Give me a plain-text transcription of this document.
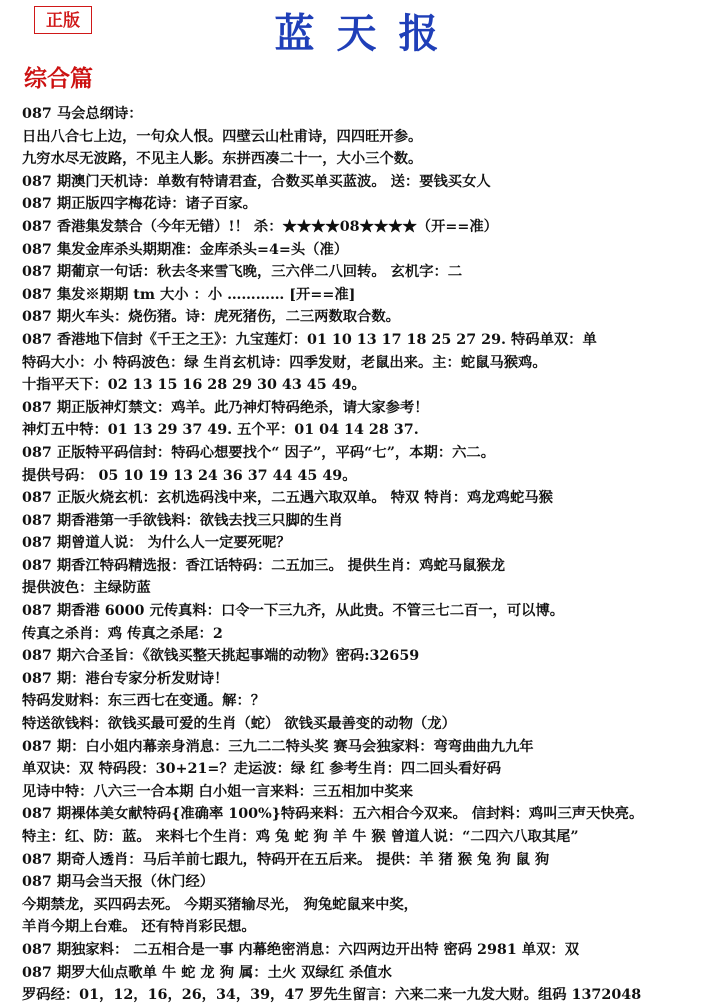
正版	蓝天报
综合篇
087 马会总纲诗：
日出八合七上边，一句众人恨。四壁云山杜甫诗，四四旺开参。
九穷水尽无波路，不见主人影。东拼西凑二十一，大小三个数。
087 期澳门天机诗：单数有特请君查，合数买单买蓝波。 送：要钱买女人
087 期正版四字梅花诗：诸子百家。
087 香港集发禁合（今年无错）!！ 杀：★★★★08★★★★（开==准）
087 集发金库杀头期期准：金库杀头=4=头（准）
087 期葡京一句话：秋去冬来雪飞晚，三六伴二八回转。 玄机字：二
087 集发※期期 tm 大小 ：小 ………… [开==准]
087 期火车头：烧伤猪。诗：虎死猪伤，二三两数取合数。
087 香港地下信封《千王之王》：九宝莲灯：01 10 13 17 18 25 27 29. 特码单双：单
特码大小：小 特码波色：绿 生肖玄机诗：四季发财，老鼠出来。主：蛇鼠马猴鸡。
十指平天下：02 13 15 16 28 29 30 43 45 49。
087 期正版神灯禁文：鸡羊。此乃神灯特码绝杀，请大家参考！
神灯五中特：01 13 29 37 49. 五个平：01 04 14 28 37.
087 正版特平码信封：特码心想要找个“ 因子”，平码“七”，本期：六二。
提供号码： 05 10 19 13 24 36 37 44 45 49。
087 正版火烧玄机：玄机选码浅中来，二五遇六取双单。 特双 特肖：鸡龙鸡蛇马猴
087 期香港第一手欲钱料：欲钱去找三只脚的生肖
087 期曾道人说： 为什么人一定要死呢？
087 期香江特码精选报：香江话特码：二五加三。 提供生肖：鸡蛇马鼠猴龙
提供波色：主绿防蓝
087 期香港 6000 元传真料：口令一下三九齐，从此贵。不管三七二百一，可以博。
传真之杀肖：鸡 传真之杀尾：2
087 期六合圣旨：《欲钱买整天挑起事端的动物》密码:32659
087 期：港台专家分析发财诗！
特码发财料：东三西七在变通。解：？
特送欲钱料：欲钱买最可爱的生肖（蛇） 欲钱买最善变的动物（龙）
087 期：白小姐内幕亲身消息：三九二二特头奖 赛马会独家料：弯弯曲曲九九年
单双诀：双 特码段：30+21=？走运波：绿 红 参考生肖：四二回头看好码
见诗中特：八六三一合本期 白小姐一言来料：三五相加中奖来
087 期裸体美女献特码{准确率 100%}特码来料：五六相合今双来。 信封料：鸡叫三声天快亮。
特主：红、防：蓝。 来料七个生肖：鸡 兔 蛇 狗 羊 牛 猴 曾道人说：“二四六八取其尾”
087 期奇人透肖：马后羊前七跟九，特码开在五后来。 提供：羊 猪 猴 兔 狗 鼠 狗
087 期马会当天报（休门经）
今期禁龙，买四码去死。 今期买猪输尽光， 狗兔蛇鼠来中奖，
羊肖今期上台难。 还有特肖彩民想。
087 期独家料： 二五相合是一事 内幕绝密消息：六四两边开出特 密码 2981 单双：双
087 期罗大仙点歌单 牛 蛇 龙 狗 属：土火 双绿红 杀值水
罗码经：01，12，16，26，34，39，47 罗先生留言：六来二来一九发大财。组码 1372048
